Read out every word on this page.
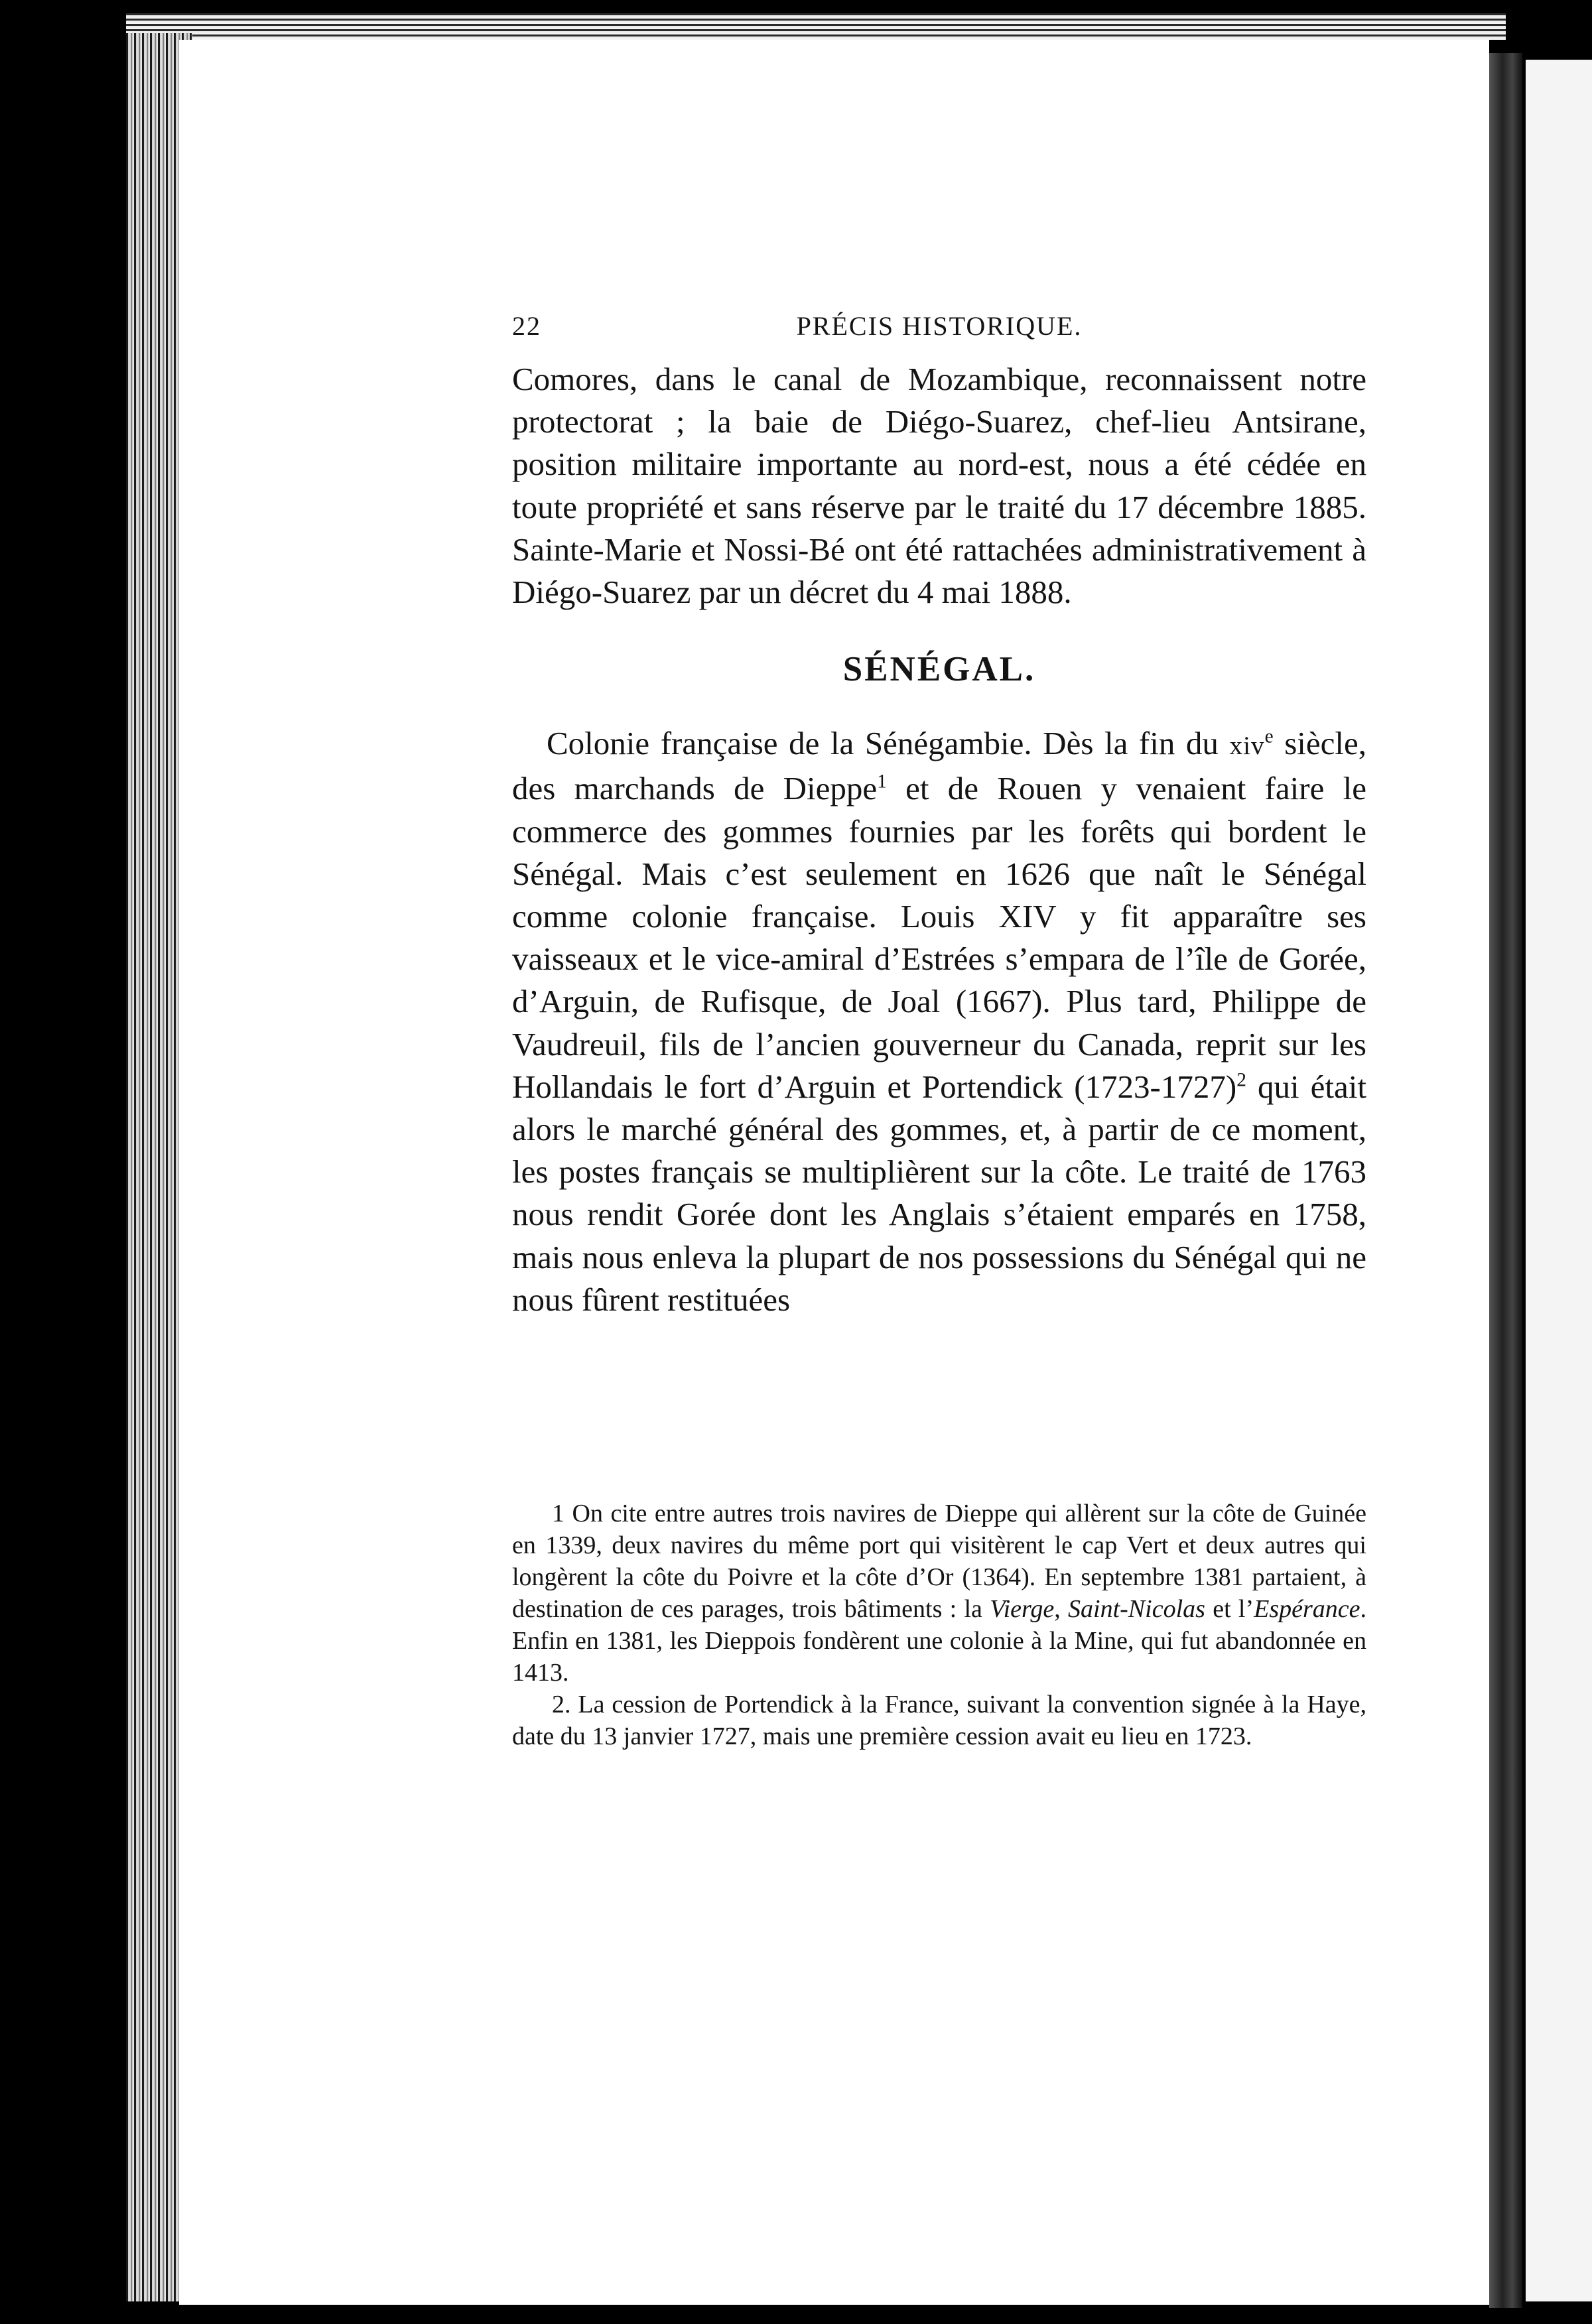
22	PRÉCIS HISTORIQUE.

Comores, dans le canal de Mozambique, reconnaissent notre protectorat ; la baie de Diégo-Suarez, chef-lieu Antsirane, position militaire importante au nord-est, nous a été cédée en toute propriété et sans réserve par le traité du 17 décembre 1885. Sainte-Marie et Nossi-Bé ont été rattachées administrativement à Diégo-Suarez par un décret du 4 mai 1888.

SÉNÉGAL.

Colonie française de la Sénégambie. Dès la fin du xiv$^e$ siècle, des marchands de Dieppe$^1$ et de Rouen y venaient faire le commerce des gommes fournies par les forêts qui bordent le Sénégal. Mais c’est seulement en 1626 que naît le Sénégal comme colonie française. Louis XIV y fit apparaître ses vaisseaux et le vice-amiral d’Estrées s’empara de l’île de Gorée, d’Arguin, de Rufisque, de Joal (1667). Plus tard, Philippe de Vaudreuil, fils de l’ancien gouverneur du Canada, reprit sur les Hollandais le fort d’Arguin et Portendick (1723-1727)$^2$ qui était alors le marché général des gommes, et, à partir de ce moment, les postes français se multiplièrent sur la côte. Le traité de 1763 nous rendit Gorée dont les Anglais s’étaient emparés en 1758, mais nous enleva la plupart de nos possessions du Sénégal qui ne nous fûrent restituées

1 On cite entre autres trois navires de Dieppe qui allèrent sur la côte de Guinée en 1339, deux navires du même port qui visitèrent le cap Vert et deux autres qui longèrent la côte du Poivre et la côte d’Or (1364). En septembre 1381 partaient, à destination de ces parages, trois bâtiments : la Vierge, Saint-Nicolas et l’Espérance. Enfin en 1381, les Dieppois fondèrent une colonie à la Mine, qui fut abandonnée en 1413.

2. La cession de Portendick à la France, suivant la convention signée à la Haye, date du 13 janvier 1727, mais une première cession avait eu lieu en 1723.
